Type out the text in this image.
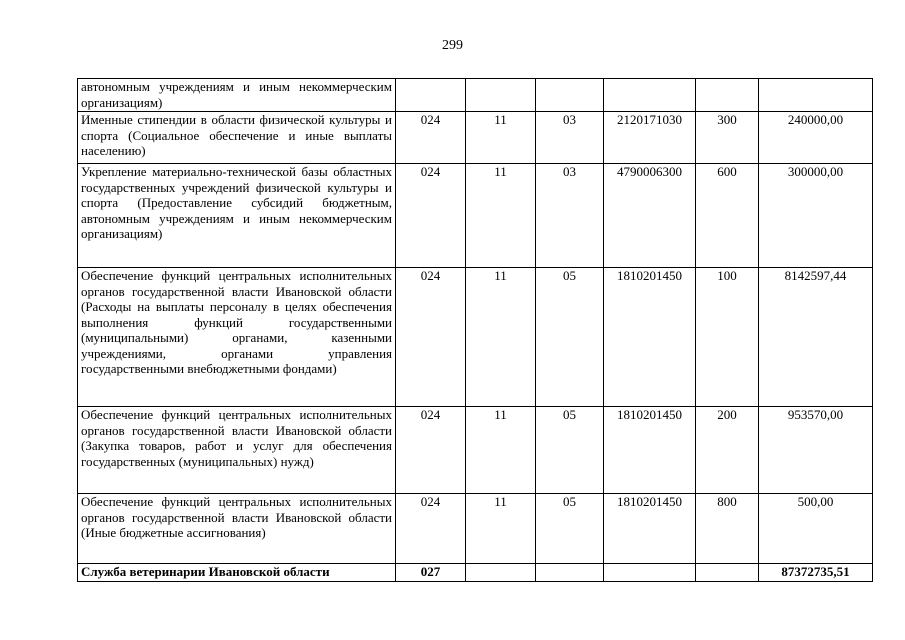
299
автономным учреждениям и иным некоммерческим организациям)						
Именные стипендии в области физической культуры и спорта (Социальное обеспечение и иные выплаты населению)	024	11	03	2120171030	300	240000,00
Укрепление материально-технической базы областных государственных учреждений физической культуры и спорта (Предоставление субсидий бюджетным, автономным учреждениям и иным некоммерческим организациям)	024	11	03	4790006300	600	300000,00
Обеспечение функций центральных исполнительных органов государственной власти Ивановской области (Расходы на выплаты персоналу в целях обеспечения выполнения функций государственными (муниципальными) органами, казенными учреждениями, органами управления государственными внебюджетными фондами)	024	11	05	1810201450	100	8142597,44
Обеспечение функций центральных исполнительных органов государственной власти Ивановской области (Закупка товаров, работ и услуг для обеспечения государственных (муниципальных) нужд)	024	11	05	1810201450	200	953570,00
Обеспечение функций центральных исполнительных органов государственной власти Ивановской области (Иные бюджетные ассигнования)	024	11	05	1810201450	800	500,00
Служба ветеринарии Ивановской области	027					87372735,51
